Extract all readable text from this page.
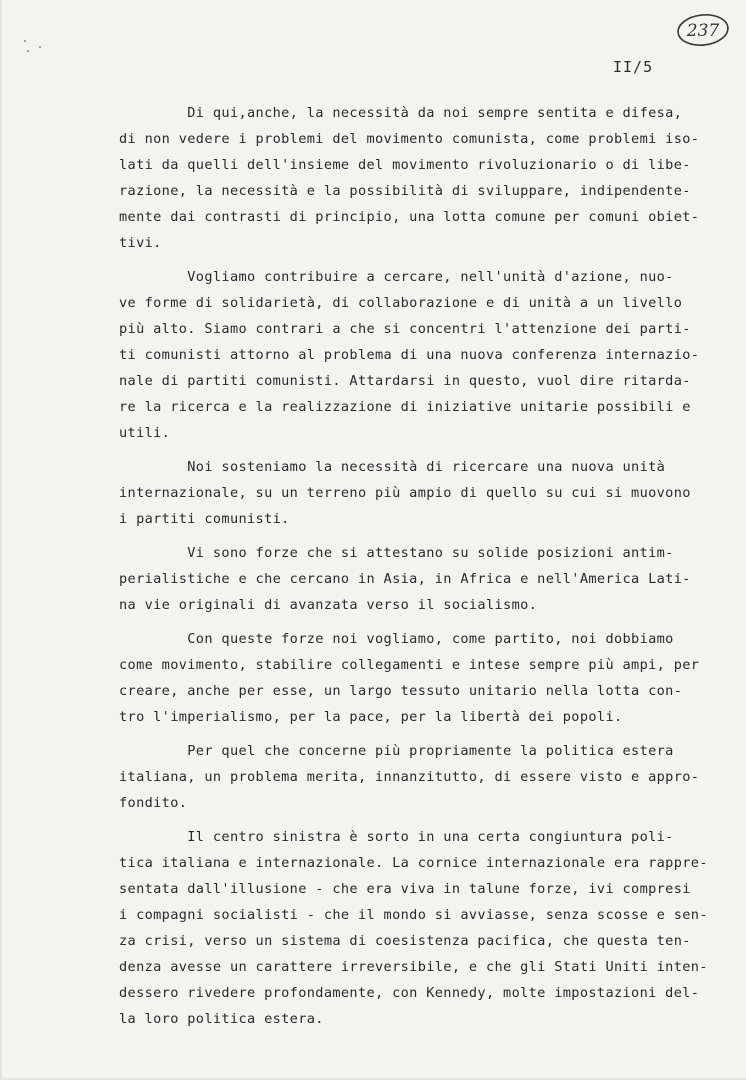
237

II/5

Di qui,anche, la necessità da noi sempre sentita e difesa,
di non vedere i problemi del movimento comunista, come problemi iso-
lati da quelli dell'insieme del movimento rivoluzionario o di libe-
razione, la necessità e la possibilità di sviluppare, indipendente-
mente dai contrasti di principio, una lotta comune per comuni obiet-
tivi.
Vogliamo contribuire a cercare, nell'unità d'azione, nuo-
ve forme di solidarietà, di collaborazione e di unità a un livello
più alto. Siamo contrari a che si concentri l'attenzione dei parti-
ti comunisti attorno al problema di una nuova conferenza internazio-
nale di partiti comunisti. Attardarsi in questo, vuol dire ritarda-
re la ricerca e la realizzazione di iniziative unitarie possibili e
utili.
Noi sosteniamo la necessità di ricercare una nuova unità
internazionale, su un terreno più ampio di quello su cui si muovono
i partiti comunisti.
Vi sono forze che si attestano su solide posizioni antim-
perialistiche e che cercano in Asia, in Africa e nell'America Lati-
na vie originali di avanzata verso il socialismo.
Con queste forze noi vogliamo, come partito, noi dobbiamo
come movimento, stabilire collegamenti e intese sempre più ampi, per
creare, anche per esse, un largo tessuto unitario nella lotta con-
tro l'imperialismo, per la pace, per la libertà dei popoli.
Per quel che concerne più propriamente la politica estera
italiana, un problema merita, innanzitutto, di essere visto e appro-
fondito.
Il centro sinistra è sorto in una certa congiuntura poli-
tica italiana e internazionale. La cornice internazionale era rappre-
sentata dall'illusione - che era viva in talune forze, ivi compresi
i compagni socialisti - che il mondo si avviasse, senza scosse e sen-
za crisi, verso un sistema di coesistenza pacifica, che questa ten-
denza avesse un carattere irreversibile, e che gli Stati Uniti inten-
dessero rivedere profondamente, con Kennedy, molte impostazioni del-
la loro politica estera.
